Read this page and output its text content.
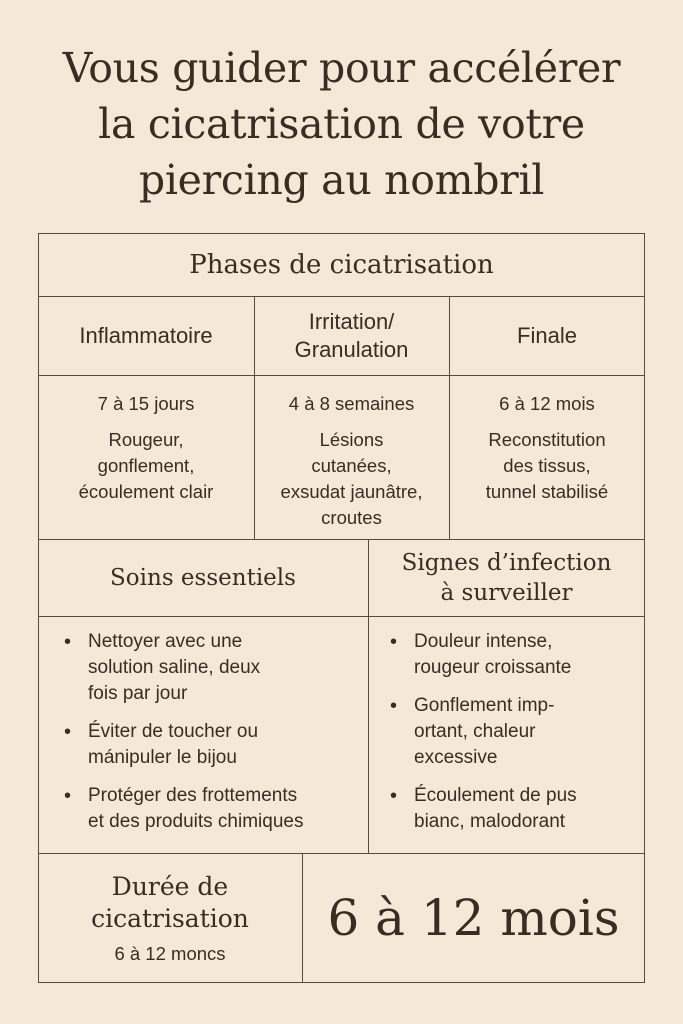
Vous guider pour accélérer
la cicatrisation de votre
piercing au nombril
Phases de cicatrisation
Inflammatoire
Irritation/
Granulation
Finale
7 à 15 jours
Rougeur,
gonflement,
écoulement clair
4 à 8 semaines
Lésions
cutanées,
exsudat jaunâtre,
croutes
6 à 12 mois
Reconstitution
des tissus,
tunnel stabilisé
Soins essentiels
Signes d’infection
à surveiller
• Nettoyer avec une
solution saline, deux
fois par jour
• Éviter de toucher ou
mánipuler le bijou
• Protéger des frottements
et des produits chimiques
• Douleur intense,
rougeur croissante
• Gonflement imp-
ortant, chaleur
excessive
• Écoulement de pus
bianc, malodorant
Durée de
cicatrisation
6 à 12 moncs
6 à 12 mois
